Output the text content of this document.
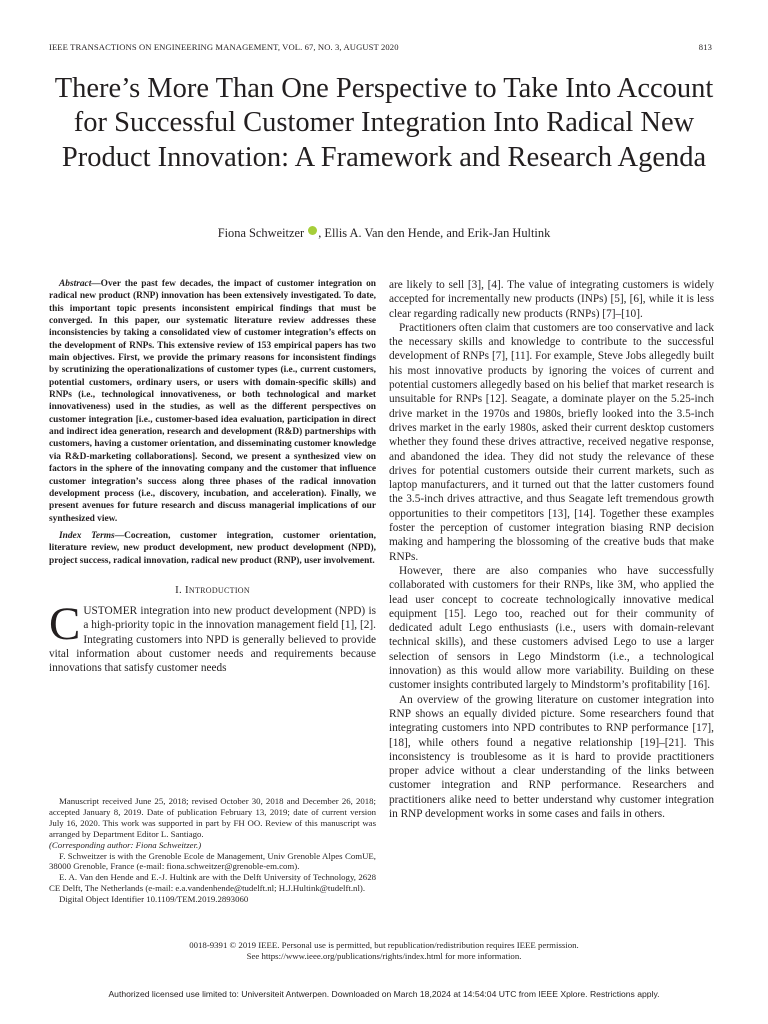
IEEE TRANSACTIONS ON ENGINEERING MANAGEMENT, VOL. 67, NO. 3, AUGUST 2020	813
There’s More Than One Perspective to Take Into Account for Successful Customer Integration Into Radical New Product Innovation: A Framework and Research Agenda
Fiona Schweitzer , Ellis A. Van den Hende, and Erik-Jan Hultink

Abstract—Over the past few decades, the impact of customer integration on radical new product (RNP) innovation has been extensively investigated. To date, this important topic presents inconsistent empirical findings that must be converged. In this paper, our systematic literature review addresses these inconsistencies by taking a consolidated view of customer integration’s effects on the development of RNPs. This extensive review of 153 empirical papers has two main objectives. First, we provide the primary reasons for inconsistent findings by scrutinizing the operationalizations of customer types (i.e., current customers, potential customers, ordinary users, or users with domain-specific skills) and RNPs (i.e., technological innovativeness, or both technological and market innovativeness) used in the studies, as well as the different perspectives on customer integration [i.e., customer-based idea evaluation, participation in direct and indirect idea generation, research and development (R&D) partnerships with customers, having a customer orientation, and disseminating customer knowledge via R&D-marketing collaborations]. Second, we present a synthesized view on factors in the sphere of the innovating company and the customer that influence customer integration’s success along three phases of the radical innovation development process (i.e., discovery, incubation, and acceleration). Finally, we present avenues for future research and discuss managerial implications of our synthesized view.

Index Terms—Cocreation, customer integration, customer orientation, literature review, new product development, new product development (NPD), project success, radical innovation, radical new product (RNP), user involvement.

I. Introduction

CUSTOMER integration into new product development (NPD) is a high-priority topic in the innovation management field [1], [2]. Integrating customers into NPD is generally believed to provide vital information about customer needs and requirements because innovations that satisfy customer needs

Manuscript received June 25, 2018; revised October 30, 2018 and December 26, 2018; accepted January 8, 2019. Date of publication February 13, 2019; date of current version July 16, 2020. This work was supported in part by FH OO. Review of this manuscript was arranged by Department Editor L. Santiago.

(Corresponding author: Fiona Schweitzer.)

F. Schweitzer is with the Grenoble Ecole de Management, Univ Grenoble Alpes ComUE, 38000 Grenoble, France (e-mail: fiona.schweitzer@grenoble-em.com).

E. A. Van den Hende and E.-J. Hultink are with the Delft University of Technology, 2628 CE Delft, The Netherlands (e-mail: e.a.vandenhende@tudelft.nl; H.J.Hultink@tudelft.nl).

Digital Object Identifier 10.1109/TEM.2019.2893060

are likely to sell [3], [4]. The value of integrating customers is widely accepted for incrementally new products (INPs) [5], [6], while it is less clear regarding radically new products (RNPs) [7]–[10].

Practitioners often claim that customers are too conservative and lack the necessary skills and knowledge to contribute to the successful development of RNPs [7], [11]. For example, Steve Jobs allegedly built his most innovative products by ignoring the voices of current and potential customers allegedly based on his belief that market research is unsuitable for RNPs [12]. Seagate, a dominate player on the 5.25-inch drive market in the 1970s and 1980s, briefly looked into the 3.5-inch drives market in the early 1980s, asked their current desktop customers whether they found these drives attractive, received negative response, and abandoned the idea. They did not study the relevance of these drives for potential customers outside their current markets, such as laptop manufacturers, and it turned out that the latter customers found the 3.5-inch drives attractive, and thus Seagate left tremendous growth opportunities to their competitors [13], [14]. Together these examples foster the perception of customer integration biasing RNP decision making and hampering the blossoming of the creative buds that make RNPs.

However, there are also companies who have successfully collaborated with customers for their RNPs, like 3M, who applied the lead user concept to cocreate technologically innovative medical equipment [15]. Lego too, reached out for their community of dedicated adult Lego enthusiasts (i.e., users with domain-relevant technical skills), and these customers advised Lego to use a larger selection of sensors in Lego Mindstorm (i.e., a technological innovation) as this would allow more variability. Building on these customer insights contributed largely to Mindstorm’s profitability [16].

An overview of the growing literature on customer integration into RNP shows an equally divided picture. Some researchers found that integrating customers into NPD contributes to RNP performance [17], [18], while others found a negative relationship [19]–[21]. This inconsistency is troublesome as it is hard to provide practitioners proper advice without a clear understanding of the links between customer integration and RNP performance. Researchers and practitioners alike need to better understand why customer integration in RNP development works in some cases and fails in others.

0018-9391 © 2019 IEEE. Personal use is permitted, but republication/redistribution requires IEEE permission.
See https://www.ieee.org/publications/rights/index.html for more information.
Authorized licensed use limited to: Universiteit Antwerpen. Downloaded on March 18,2024 at 14:54:04 UTC from IEEE Xplore. Restrictions apply.
